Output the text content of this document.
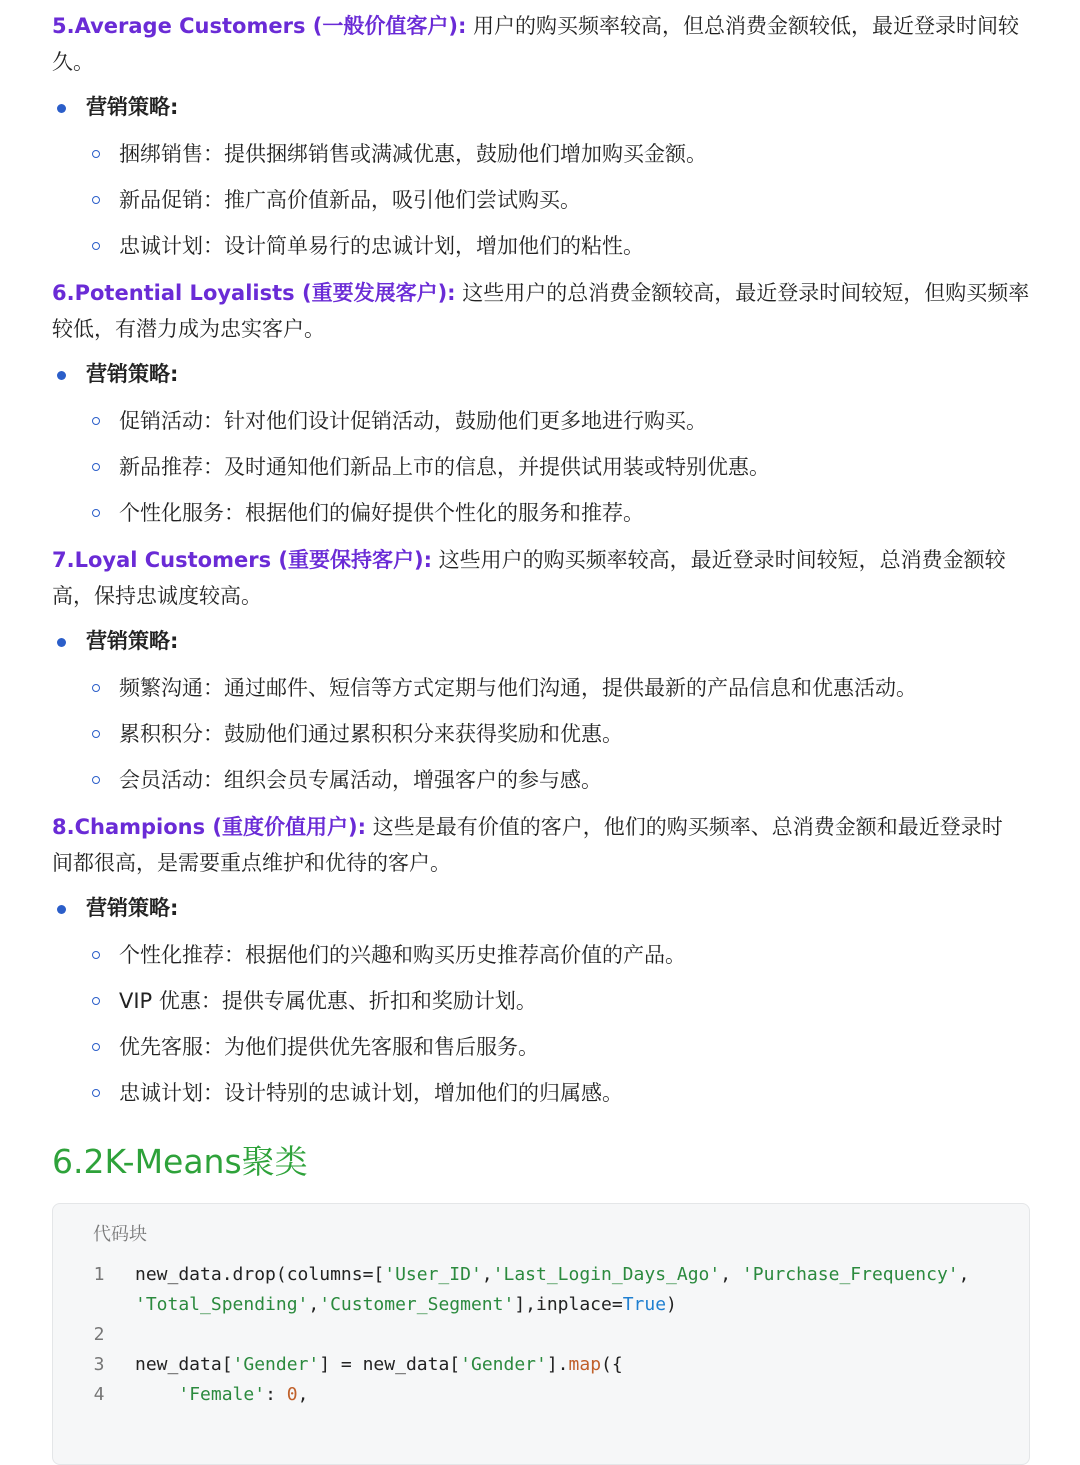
5.Average Customers (一般价值客户): 用户的购买频率较高，但总消费金额较低，最近登录时间较
久。

营销策略:
捆绑销售：提供捆绑销售或满减优惠，鼓励他们增加购买金额。
新品促销：推广高价值新品，吸引他们尝试购买。
忠诚计划：设计简单易行的忠诚计划，增加他们的粘性。

6.Potential Loyalists (重要发展客户): 这些用户的总消费金额较高，最近登录时间较短，但购买频率
较低，有潜力成为忠实客户。

营销策略:
促销活动：针对他们设计促销活动，鼓励他们更多地进行购买。
新品推荐：及时通知他们新品上市的信息，并提供试用装或特别优惠。
个性化服务：根据他们的偏好提供个性化的服务和推荐。

7.Loyal Customers (重要保持客户): 这些用户的购买频率较高，最近登录时间较短，总消费金额较
高，保持忠诚度较高。

营销策略:
频繁沟通：通过邮件、短信等方式定期与他们沟通，提供最新的产品信息和优惠活动。
累积积分：鼓励他们通过累积积分来获得奖励和优惠。
会员活动：组织会员专属活动，增强客户的参与感。

8.Champions (重度价值用户): 这些是最有价值的客户，他们的购买频率、总消费金额和最近登录时
间都很高，是需要重点维护和优待的客户。

营销策略:
个性化推荐：根据他们的兴趣和购买历史推荐高价值的产品。
VIP 优惠：提供专属优惠、折扣和奖励计划。
优先客服：为他们提供优先客服和售后服务。
忠诚计划：设计特别的忠诚计划，增加他们的归属感。
6.2K-Means聚类
代码块
1 new_data.drop(columns=['User_ID','Last_Login_Days_Ago', 'Purchase_Frequency',
'Total_Spending','Customer_Segment'],inplace=True)
2
3 new_data['Gender'] = new_data['Gender'].map({
4	'Female': 0,
